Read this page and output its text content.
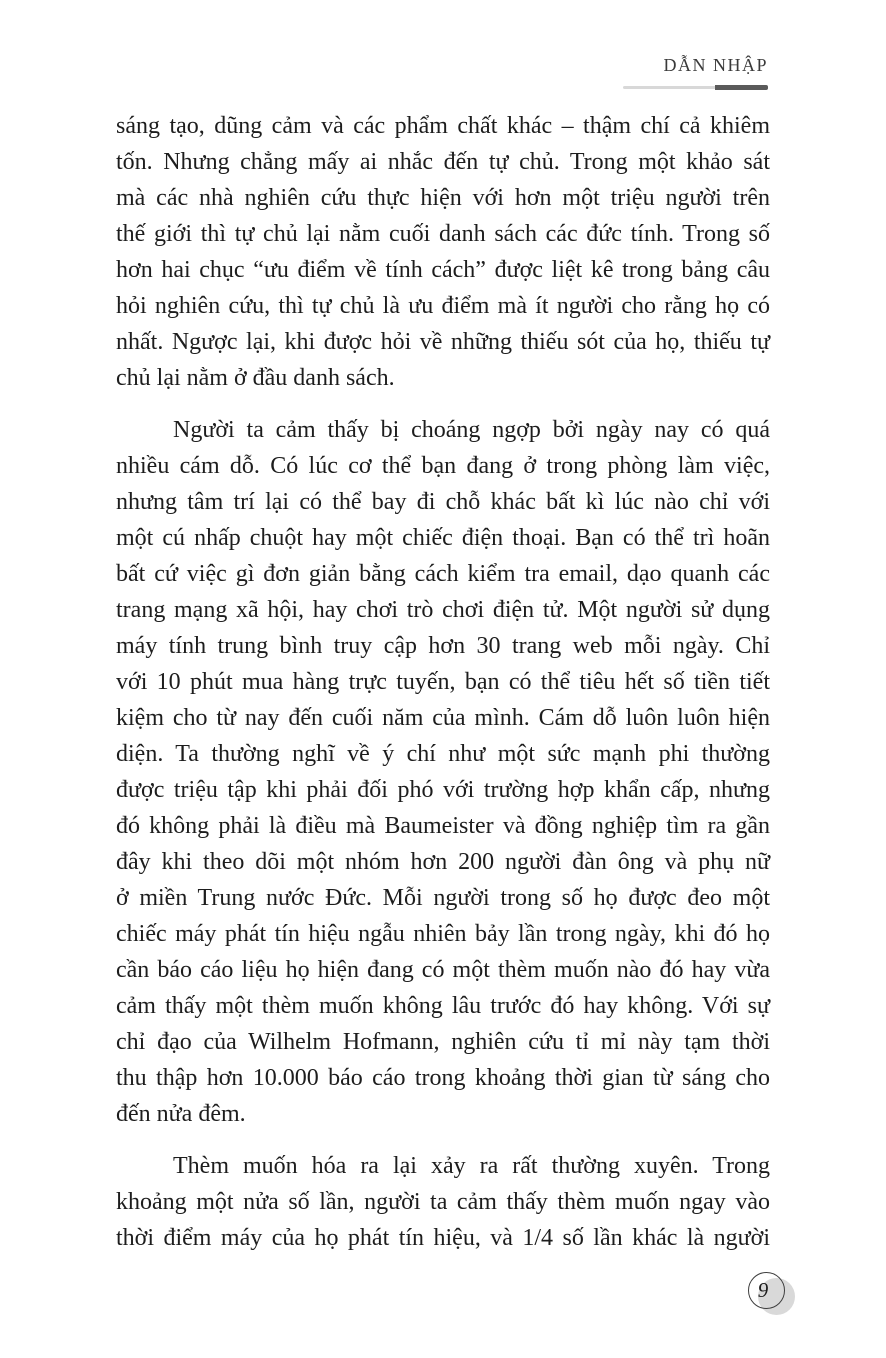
DẪN NHẬP
sáng tạo, dũng cảm và các phẩm chất khác – thậm chí cả khiêm
tốn. Nhưng chẳng mấy ai nhắc đến tự chủ. Trong một khảo sát
mà các nhà nghiên cứu thực hiện với hơn một triệu người trên
thế giới thì tự chủ lại nằm cuối danh sách các đức tính. Trong số
hơn hai chục “ưu điểm về tính cách” được liệt kê trong bảng câu
hỏi nghiên cứu, thì tự chủ là ưu điểm mà ít người cho rằng họ có
nhất. Ngược lại, khi được hỏi về những thiếu sót của họ, thiếu tự
chủ lại nằm ở đầu danh sách.
Người ta cảm thấy bị choáng ngợp bởi ngày nay có quá
nhiều cám dỗ. Có lúc cơ thể bạn đang ở trong phòng làm việc,
nhưng tâm trí lại có thể bay đi chỗ khác bất kì lúc nào chỉ với
một cú nhấp chuột hay một chiếc điện thoại. Bạn có thể trì hoãn
bất cứ việc gì đơn giản bằng cách kiểm tra email, dạo quanh các
trang mạng xã hội, hay chơi trò chơi điện tử. Một người sử dụng
máy tính trung bình truy cập hơn 30 trang web mỗi ngày. Chỉ
với 10 phút mua hàng trực tuyến, bạn có thể tiêu hết số tiền tiết
kiệm cho từ nay đến cuối năm của mình. Cám dỗ luôn luôn hiện
diện. Ta thường nghĩ về ý chí như một sức mạnh phi thường
được triệu tập khi phải đối phó với trường hợp khẩn cấp, nhưng
đó không phải là điều mà Baumeister và đồng nghiệp tìm ra gần
đây khi theo dõi một nhóm hơn 200 người đàn ông và phụ nữ
ở miền Trung nước Đức. Mỗi người trong số họ được đeo một
chiếc máy phát tín hiệu ngẫu nhiên bảy lần trong ngày, khi đó họ
cần báo cáo liệu họ hiện đang có một thèm muốn nào đó hay vừa
cảm thấy một thèm muốn không lâu trước đó hay không. Với sự
chỉ đạo của Wilhelm Hofmann, nghiên cứu tỉ mỉ này tạm thời
thu thập hơn 10.000 báo cáo trong khoảng thời gian từ sáng cho
đến nửa đêm.
Thèm muốn hóa ra lại xảy ra rất thường xuyên. Trong
khoảng một nửa số lần, người ta cảm thấy thèm muốn ngay vào
thời điểm máy của họ phát tín hiệu, và 1/4 số lần khác là người
9
